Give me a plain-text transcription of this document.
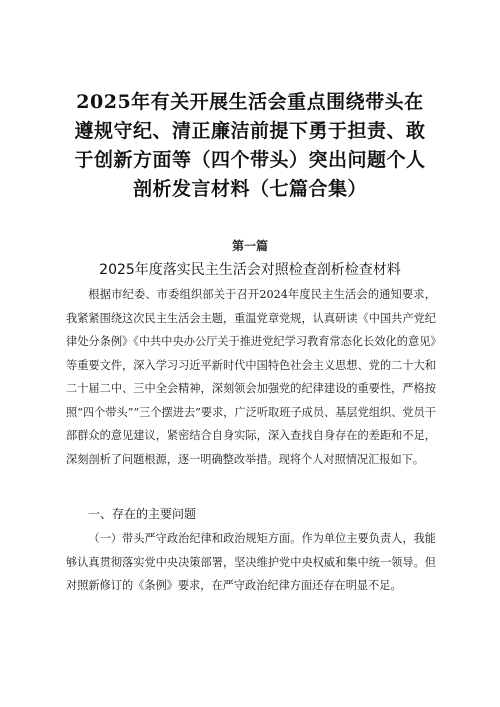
2025年有关开展生活会重点围绕带头在遵规守纪、清正廉洁前提下勇于担责、敢于创新方面等（四个带头）突出问题个人剖析发言材料（七篇合集）
第一篇
2025年度落实民主生活会对照检查剖析检查材料

根据市纪委、市委组织部关于召开2024年度民主生活会的通知要求，我紧紧围绕这次民主生活会主题，重温党章党规，认真研读《中国共产党纪律处分条例》《中共中央办公厅关于推进党纪学习教育常态化长效化的意见》等重要文件，深入学习习近平新时代中国特色社会主义思想、党的二十大和二十届二中、三中全会精神，深刻领会加强党的纪律建设的重要性，严格按照“四个带头”“三个摆进去”要求，广泛听取班子成员、基层党组织、党员干部群众的意见建议，紧密结合自身实际，深入查找自身存在的差距和不足，深刻剖析了问题根源，逐一明确整改举措。现将个人对照情况汇报如下。

一、存在的主要问题

（一）带头严守政治纪律和政治规矩方面。作为单位主要负责人，我能够认真贯彻落实党中央决策部署，坚决维护党中央权威和集中统一领导。但对照新修订的《条例》要求，在严守政治纪律方面还存在明显不足。
